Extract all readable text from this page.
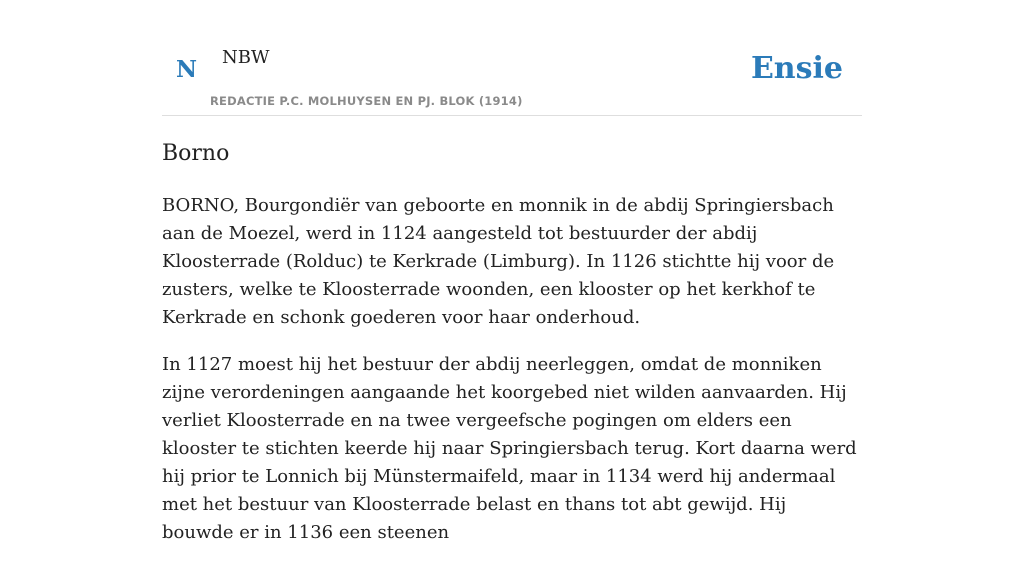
N NBW
REDACTIE P.C. MOLHUYSEN EN PJ. BLOK (1914)
Ensie
Borno

BORNO, Bourgondiër van geboorte en monnik in de abdij Springiersbach aan de Moezel, werd in 1124 aangesteld tot bestuurder der abdij Kloosterrade (Rolduc) te Kerkrade (Limburg). In 1126 stichtte hij voor de zusters, welke te Kloosterrade woonden, een klooster op het kerkhof te Kerkrade en schonk goederen voor haar onderhoud.

In 1127 moest hij het bestuur der abdij neerleggen, omdat de monniken zijne verordeningen aangaande het koorgebed niet wilden aanvaarden. Hij verliet Kloosterrade en na twee vergeefsche pogingen om elders een klooster te stichten keerde hij naar Springiersbach terug. Kort daarna werd hij prior te Lonnich bij Münstermaifeld, maar in 1134 werd hij andermaal met het bestuur van Kloosterrade belast en thans tot abt gewijd. Hij bouwde er in 1136 een steenen
